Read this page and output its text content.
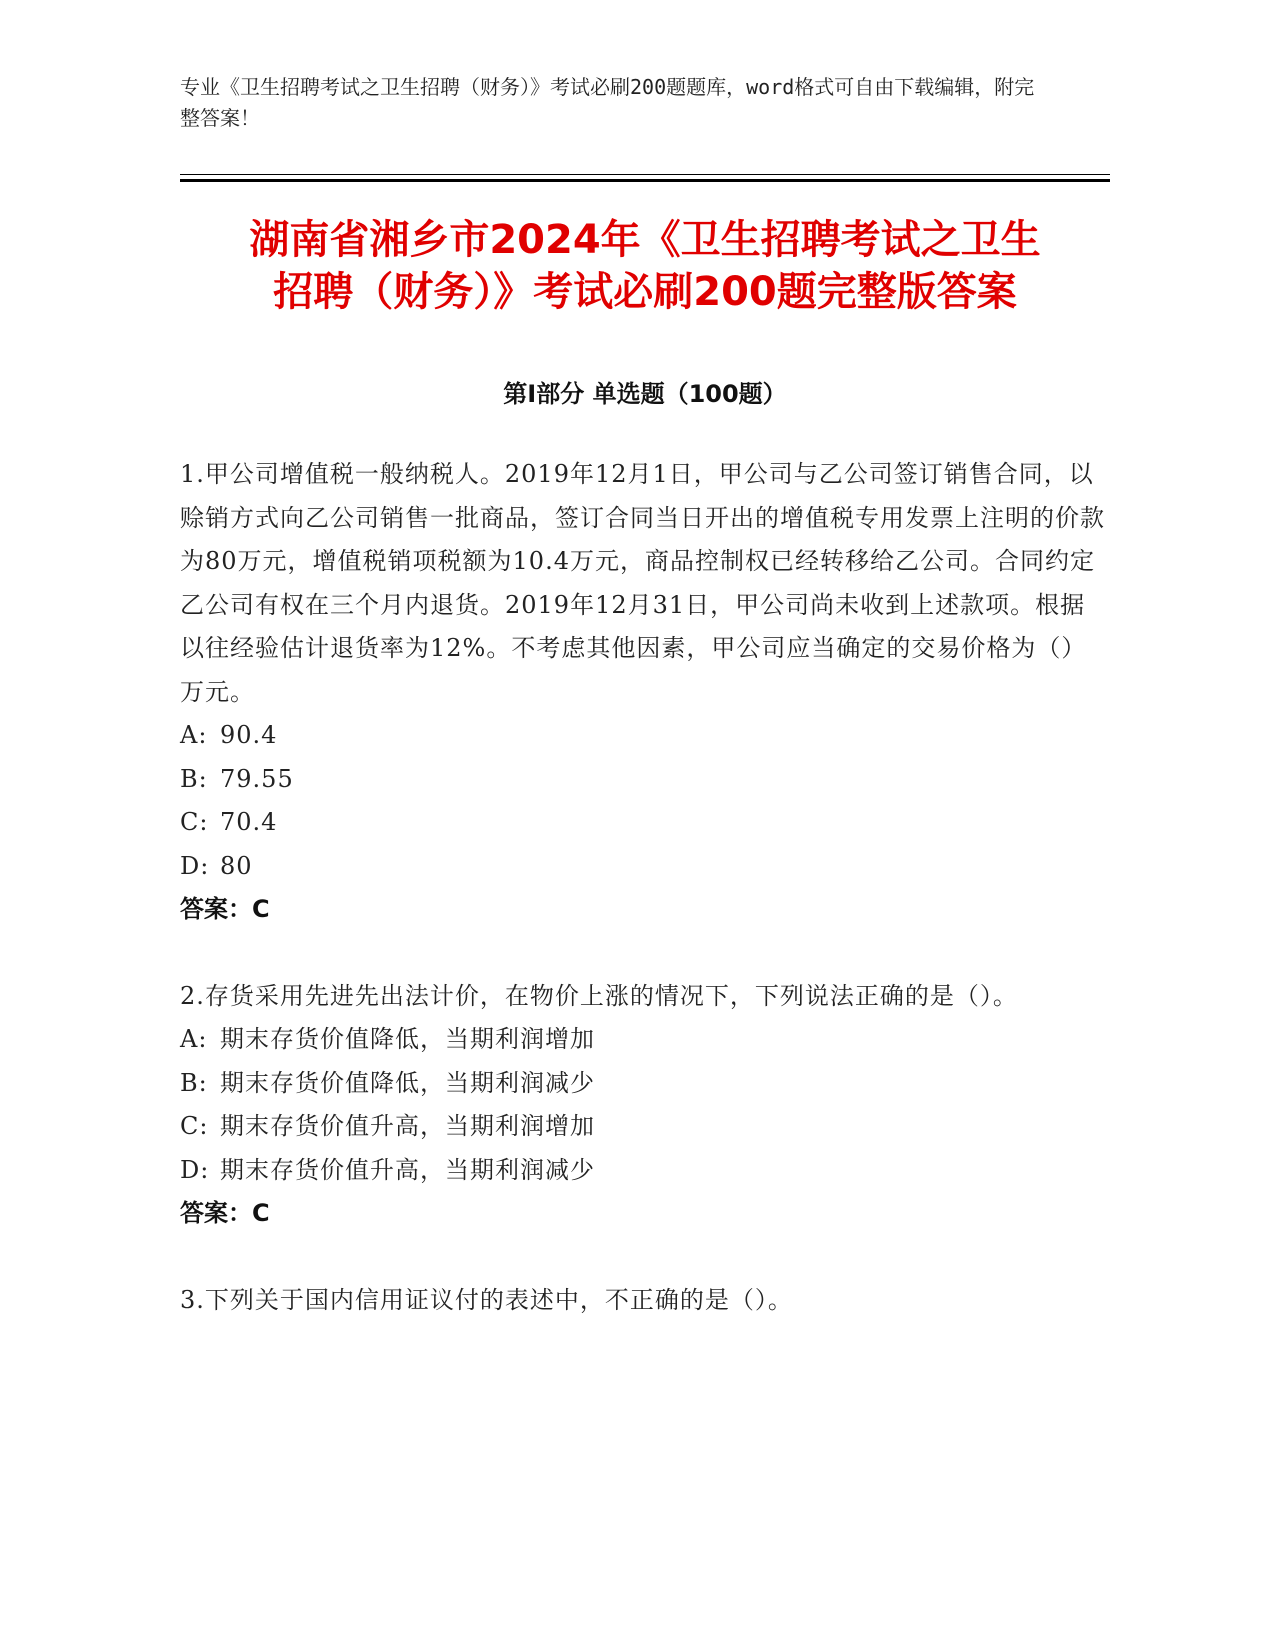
专业《卫生招聘考试之卫生招聘（财务）》考试必刷200题题库，word格式可自由下载编辑，附完整答案！
湖南省湘乡市2024年《卫生招聘考试之卫生
招聘（财务）》考试必刷200题完整版答案
第Ⅰ部分 单选题（100题）
1.甲公司增值税一般纳税人。2019年12月1日，甲公司与乙公司签订销售合同，以赊销方式向乙公司销售一批商品，签订合同当日开出的增值税专用发票上注明的价款为80万元，增值税销项税额为10.4万元，商品控制权已经转移给乙公司。合同约定乙公司有权在三个月内退货。2019年12月31日，甲公司尚未收到上述款项。根据以往经验估计退货率为12%。不考虑其他因素，甲公司应当确定的交易价格为（）万元。
A: 90.4
B: 79.55
C: 70.4
D: 80
答案：C
2.存货采用先进先出法计价，在物价上涨的情况下，下列说法正确的是（）。
A: 期末存货价值降低，当期利润增加
B: 期末存货价值降低，当期利润减少
C: 期末存货价值升高，当期利润增加
D: 期末存货价值升高，当期利润减少
答案：C
3.下列关于国内信用证议付的表述中，不正确的是（）。
